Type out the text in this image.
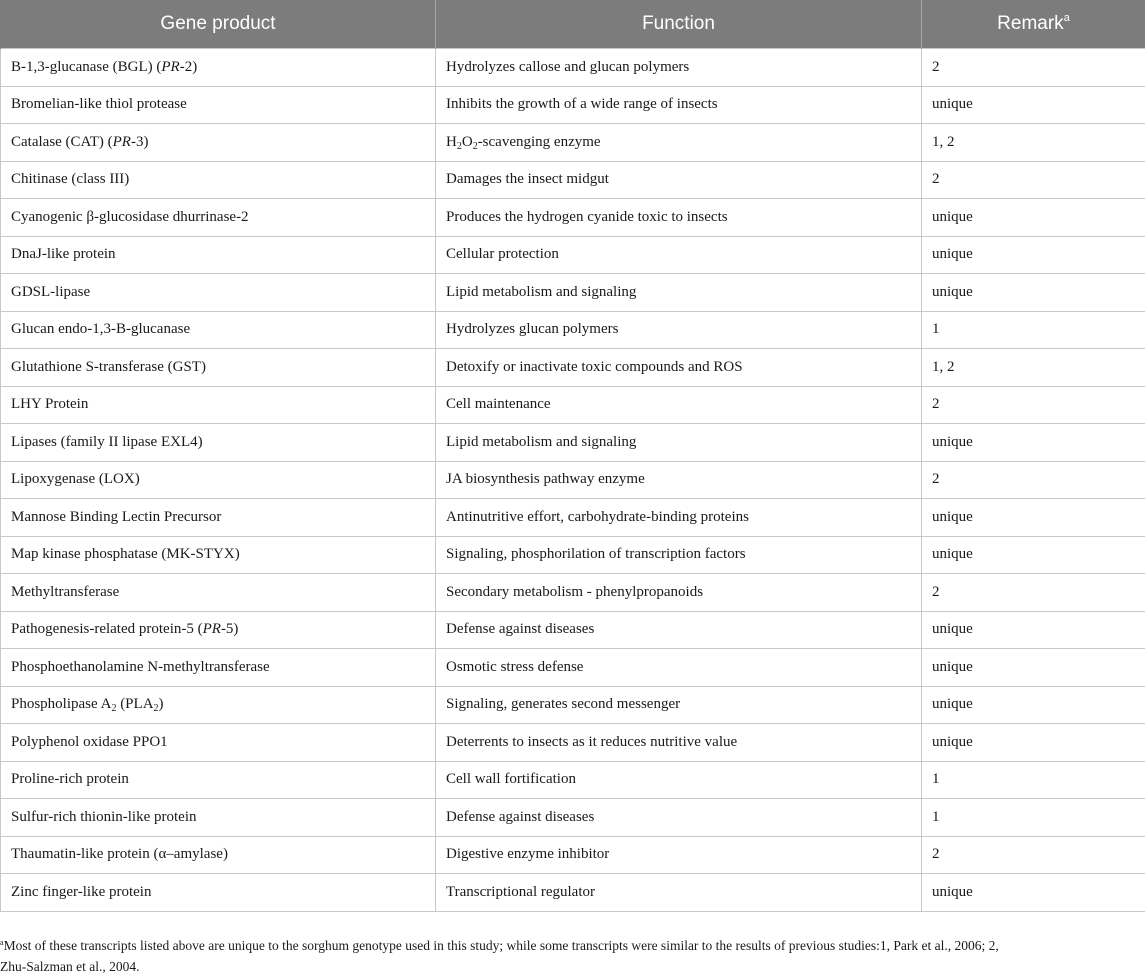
Gene product	Function	Remark$^a$
B-1,3-glucanase (BGL) (PR-2)	Hydrolyzes callose and glucan polymers	2
Bromelian-like thiol protease	Inhibits the growth of a wide range of insects	unique
Catalase (CAT) (PR-3)	$H_2O_2$-scavenging enzyme	1, 2
Chitinase (class III)	Damages the insect midgut	2
Cyanogenic β-glucosidase dhurrinase-2	Produces the hydrogen cyanide toxic to insects	unique
DnaJ-like protein	Cellular protection	unique
GDSL-lipase	Lipid metabolism and signaling	unique
Glucan endo-1,3-B-glucanase	Hydrolyzes glucan polymers	1
Glutathione S-transferase (GST)	Detoxify or inactivate toxic compounds and ROS	1, 2
LHY Protein	Cell maintenance	2
Lipases (family II lipase EXL4)	Lipid metabolism and signaling	unique
Lipoxygenase (LOX)	JA biosynthesis pathway enzyme	2
Mannose Binding Lectin Precursor	Antinutritive effort, carbohydrate-binding proteins	unique
Map kinase phosphatase (MK-STYX)	Signaling, phosphorilation of transcription factors	unique
Methyltransferase	Secondary metabolism - phenylpropanoids	2
Pathogenesis-related protein-5 (PR-5)	Defense against diseases	unique
Phosphoethanolamine N-methyltransferase	Osmotic stress defense	unique
Phospholipase $A_2$ $(PLA_2)$	Signaling, generates second messenger	unique
Polyphenol oxidase PPO1	Deterrents to insects as it reduces nutritive value	unique
Proline-rich protein	Cell wall fortification	1
Sulfur-rich thionin-like protein	Defense against diseases	1
Thaumatin-like protein (α–amylase)	Digestive enzyme inhibitor	2
Zinc finger-like protein	Transcriptional regulator	unique
$^a$Most of these transcripts listed above are unique to the sorghum genotype used in this study; while some transcripts were similar to the results of previous studies:1, Park et al., 2006; 2,
Zhu-Salzman et al., 2004.
